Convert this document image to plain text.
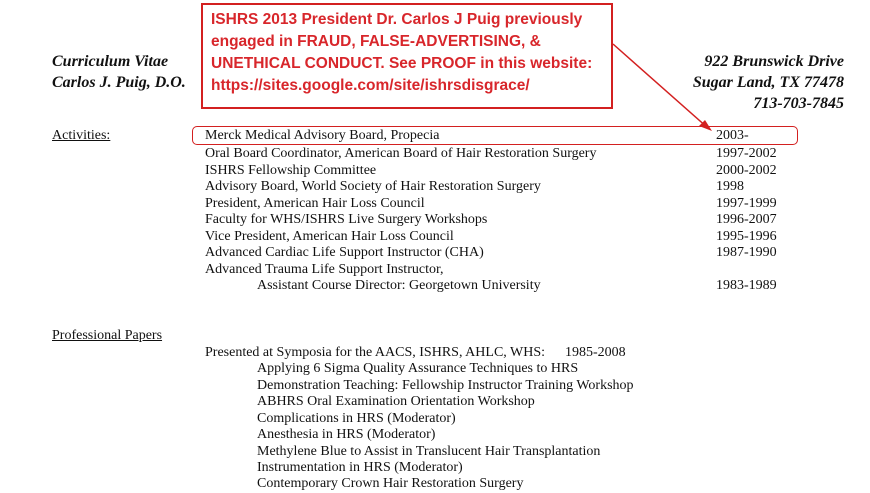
Curriculum Vitae
Carlos J. Puig, D.O.
922 Brunswick Drive
Sugar Land, TX 77478
713-703-7845
ISHRS 2013 President Dr. Carlos J Puig previously
engaged in FRAUD, FALSE-ADVERTISING, &
UNETHICAL CONDUCT. See PROOF in this website:
https://sites.google.com/site/ishrsdisgrace/
Activities:	Merck Medical Advisory Board, Propecia	2003-
Oral Board Coordinator, American Board of Hair Restoration Surgery	1997-2002
ISHRS Fellowship Committee	2000-2002
Advisory Board, World Society of Hair Restoration Surgery	1998
President, American Hair Loss Council	1997-1999
Faculty for WHS/ISHRS Live Surgery Workshops	1996-2007
Vice President, American Hair Loss Council	1995-1996
Advanced Cardiac Life Support Instructor (CHA)	1987-1990
Advanced Trauma Life Support Instructor,
Assistant Course Director: Georgetown University	1983-1989
Professional Papers
Presented at Symposia for the AACS, ISHRS, AHLC, WHS: 1985-2008
Applying 6 Sigma Quality Assurance Techniques to HRS
Demonstration Teaching: Fellowship Instructor Training Workshop
ABHRS Oral Examination Orientation Workshop
Complications in HRS (Moderator)
Anesthesia in HRS (Moderator)
Methylene Blue to Assist in Translucent Hair Transplantation
Instrumentation in HRS (Moderator)
Contemporary Crown Hair Restoration Surgery
